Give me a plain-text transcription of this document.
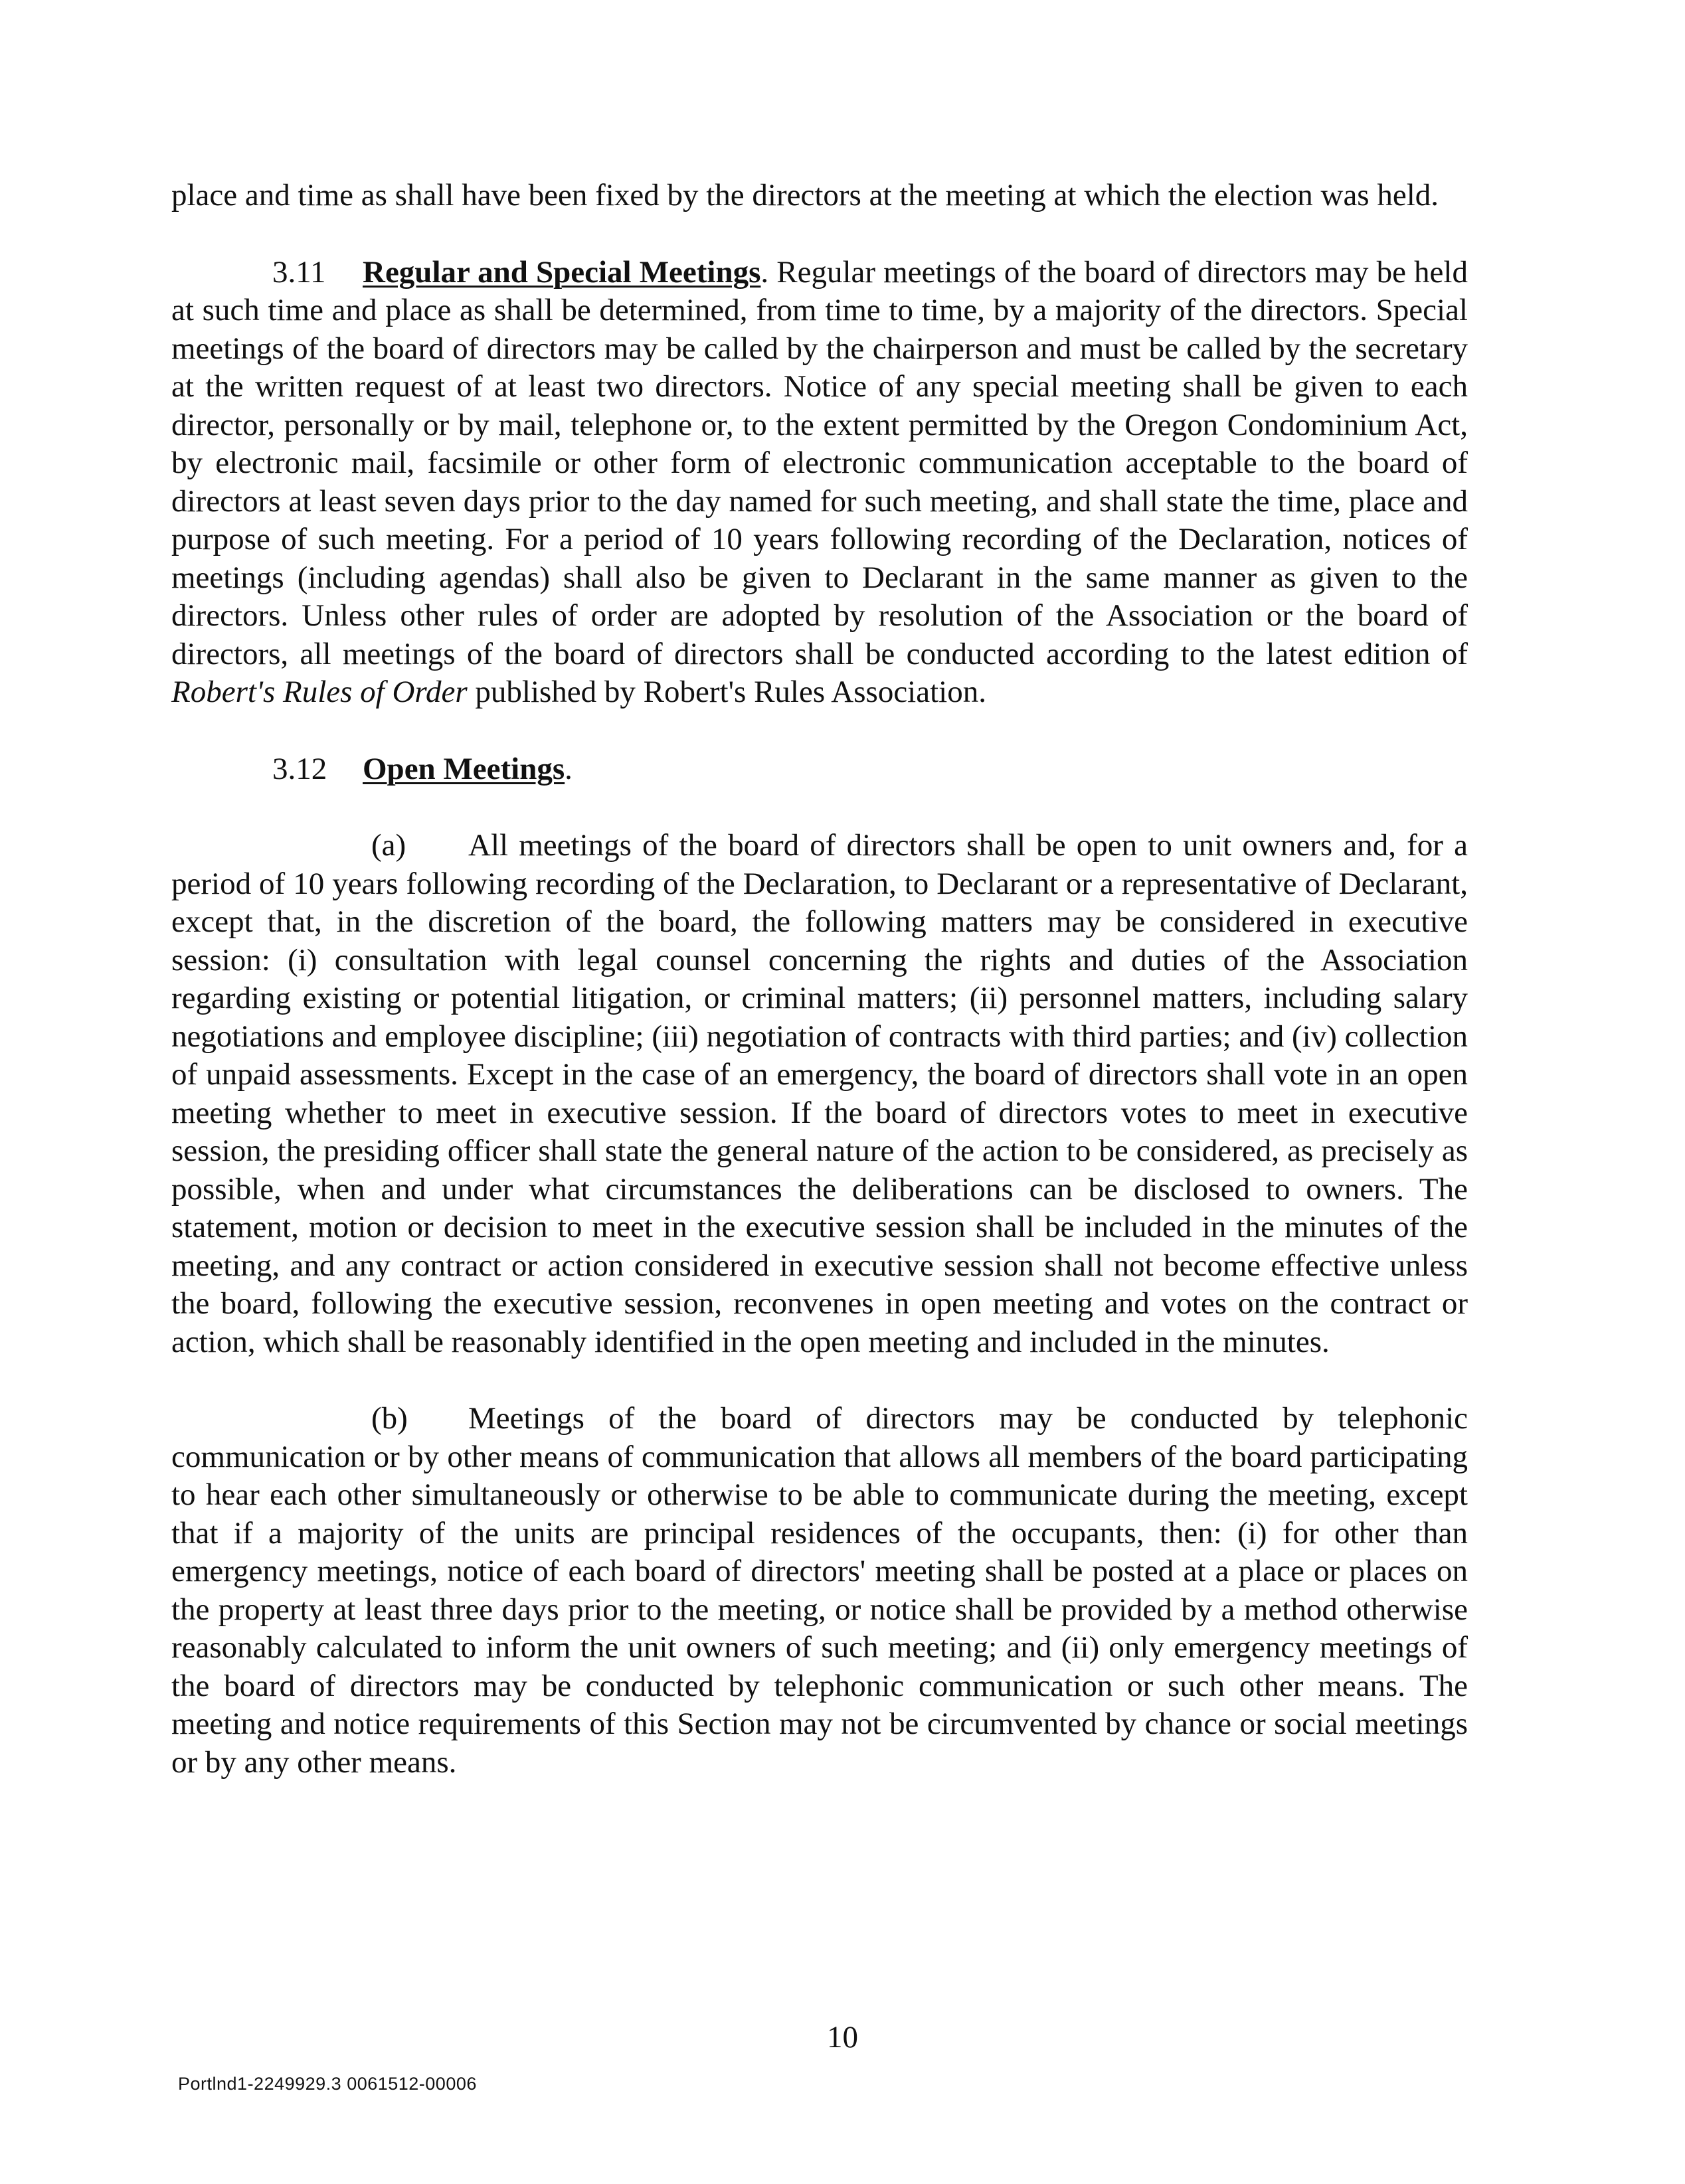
place and time as shall have been fixed by the directors at the meeting at which the election was held.

3.11 Regular and Special Meetings. Regular meetings of the board of directors may be held at such time and place as shall be determined, from time to time, by a majority of the directors. Special meetings of the board of directors may be called by the chairperson and must be called by the secretary at the written request of at least two directors. Notice of any special meeting shall be given to each director, personally or by mail, telephone or, to the extent permitted by the Oregon Condominium Act, by electronic mail, facsimile or other form of electronic communication acceptable to the board of directors at least seven days prior to the day named for such meeting, and shall state the time, place and purpose of such meeting. For a period of 10 years following recording of the Declaration, notices of meetings (including agendas) shall also be given to Declarant in the same manner as given to the directors. Unless other rules of order are adopted by resolution of the Association or the board of directors, all meetings of the board of directors shall be conducted according to the latest edition of Robert's Rules of Order published by Robert's Rules Association.

3.12 Open Meetings.

(a) All meetings of the board of directors shall be open to unit owners and, for a period of 10 years following recording of the Declaration, to Declarant or a representative of Declarant, except that, in the discretion of the board, the following matters may be considered in executive session: (i) consultation with legal counsel concerning the rights and duties of the Association regarding existing or potential litigation, or criminal matters; (ii) personnel matters, including salary negotiations and employee discipline; (iii) negotiation of contracts with third parties; and (iv) collection of unpaid assessments. Except in the case of an emergency, the board of directors shall vote in an open meeting whether to meet in executive session. If the board of directors votes to meet in executive session, the presiding officer shall state the general nature of the action to be considered, as precisely as possible, when and under what circumstances the deliberations can be disclosed to owners. The statement, motion or decision to meet in the executive session shall be included in the minutes of the meeting, and any contract or action considered in executive session shall not become effective unless the board, following the executive session, reconvenes in open meeting and votes on the contract or action, which shall be reasonably identified in the open meeting and included in the minutes.

(b) Meetings of the board of directors may be conducted by telephonic communication or by other means of communication that allows all members of the board participating to hear each other simultaneously or otherwise to be able to communicate during the meeting, except that if a majority of the units are principal residences of the occupants, then: (i) for other than emergency meetings, notice of each board of directors' meeting shall be posted at a place or places on the property at least three days prior to the meeting, or notice shall be provided by a method otherwise reasonably calculated to inform the unit owners of such meeting; and (ii) only emergency meetings of the board of directors may be conducted by telephonic communication or such other means. The meeting and notice requirements of this Section may not be circumvented by chance or social meetings or by any other means.

10
Portlnd1-2249929.3 0061512-00006
